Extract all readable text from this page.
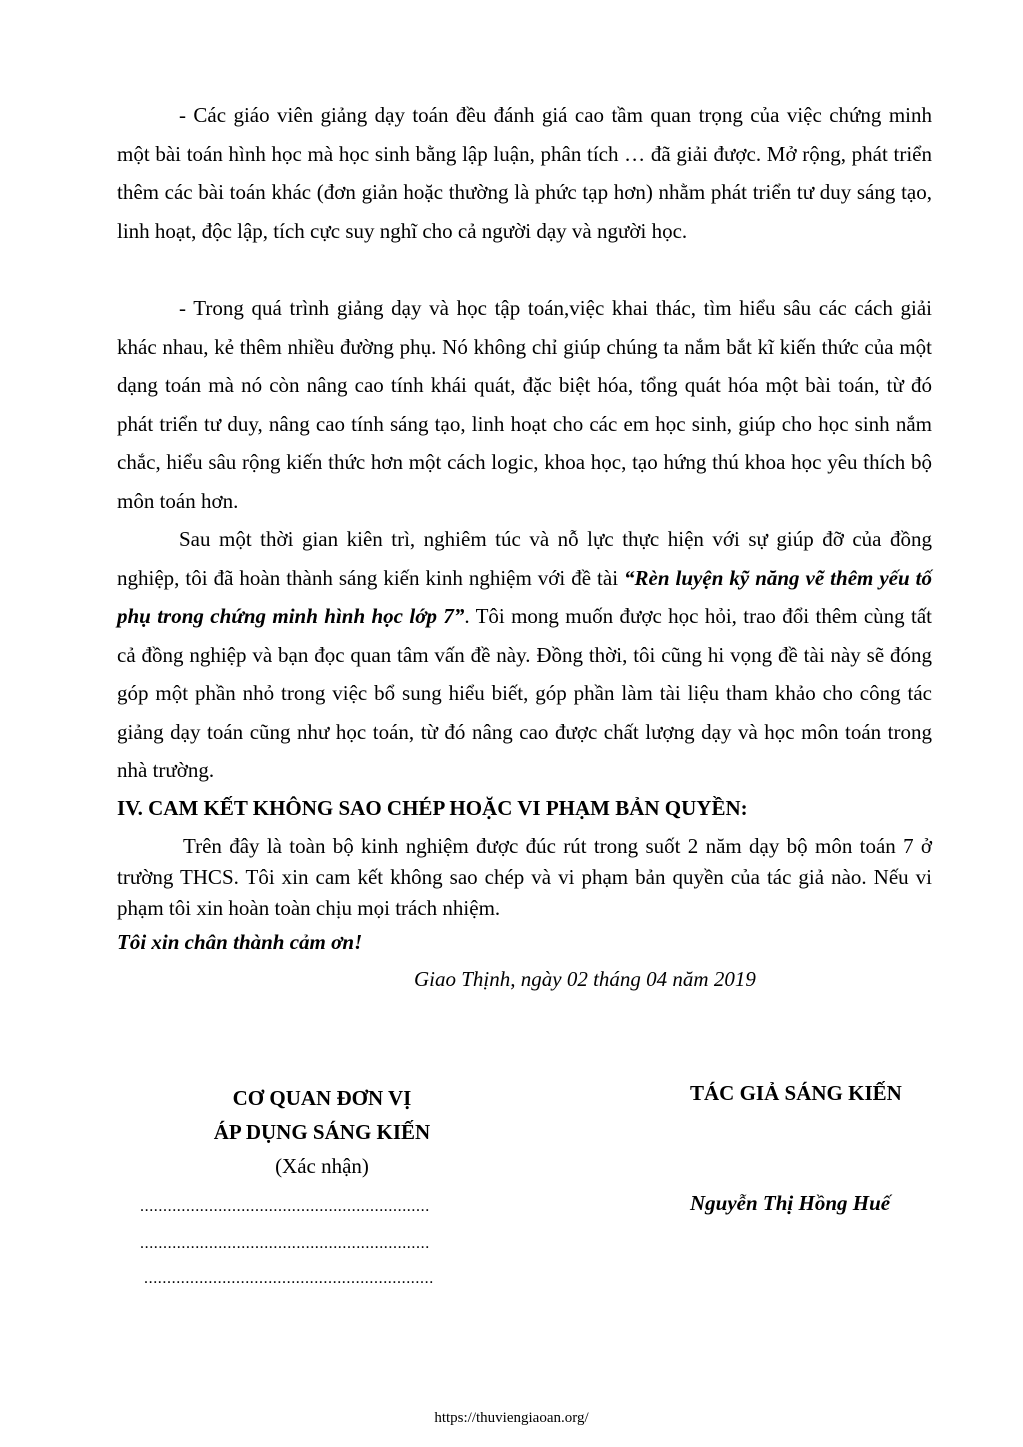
- Các giáo viên giảng dạy toán đều đánh giá cao tầm quan trọng của việc chứng minh một bài toán hình học mà học sinh bằng lập luận, phân tích … đã giải được. Mở rộng, phát triển thêm các bài toán khác (đơn giản hoặc thường là phức tạp hơn) nhằm phát triển tư duy sáng tạo, linh hoạt, độc lập, tích cực suy nghĩ cho cả người dạy và người học.
- Trong quá trình giảng dạy và học tập toán,việc khai thác, tìm hiểu sâu các cách giải khác nhau, kẻ thêm nhiều đường phụ. Nó không chỉ giúp chúng ta nắm bắt kĩ kiến thức của một dạng toán mà nó còn nâng cao tính khái quát, đặc biệt hóa, tổng quát hóa một bài toán, từ đó phát triển tư duy, nâng cao tính sáng tạo, linh hoạt cho các em học sinh, giúp cho học sinh nắm chắc, hiểu sâu rộng kiến thức hơn một cách logic, khoa học, tạo hứng thú khoa học yêu thích bộ môn toán hơn.
Sau một thời gian kiên trì, nghiêm túc và nỗ lực thực hiện với sự giúp đỡ của đồng nghiệp, tôi đã hoàn thành sáng kiến kinh nghiệm với đề tài “Rèn luyện kỹ năng vẽ thêm yếu tố phụ trong chứng minh hình học lớp 7”. Tôi mong muốn được học hỏi, trao đổi thêm cùng tất cả đồng nghiệp và bạn đọc quan tâm vấn đề này. Đồng thời, tôi cũng hi vọng đề tài này sẽ đóng góp một phần nhỏ trong việc bổ sung hiểu biết, góp phần làm tài liệu tham khảo cho công tác giảng dạy toán cũng như học toán, từ đó nâng cao được chất lượng dạy và học môn toán trong nhà trường.
IV. CAM KẾT KHÔNG SAO CHÉP HOẶC VI PHẠM BẢN QUYỀN:
Trên đây là toàn bộ kinh nghiệm được đúc rút trong suốt 2 năm dạy bộ môn toán 7 ở trường THCS. Tôi xin cam kết không sao chép và vi phạm bản quyền của tác giả nào. Nếu vi phạm tôi xin hoàn toàn chịu mọi trách nhiệm.
Tôi xin chân thành cảm ơn!
Giao Thịnh, ngày 02 tháng 04 năm 2019
CƠ QUAN ĐƠN VỊ
ÁP DỤNG SÁNG KIẾN
(Xác nhận)
...............................................................
...............................................................
...............................................................
TÁC GIẢ SÁNG KIẾN
Nguyễn Thị Hồng Huế
https://thuviengiaoan.org/
